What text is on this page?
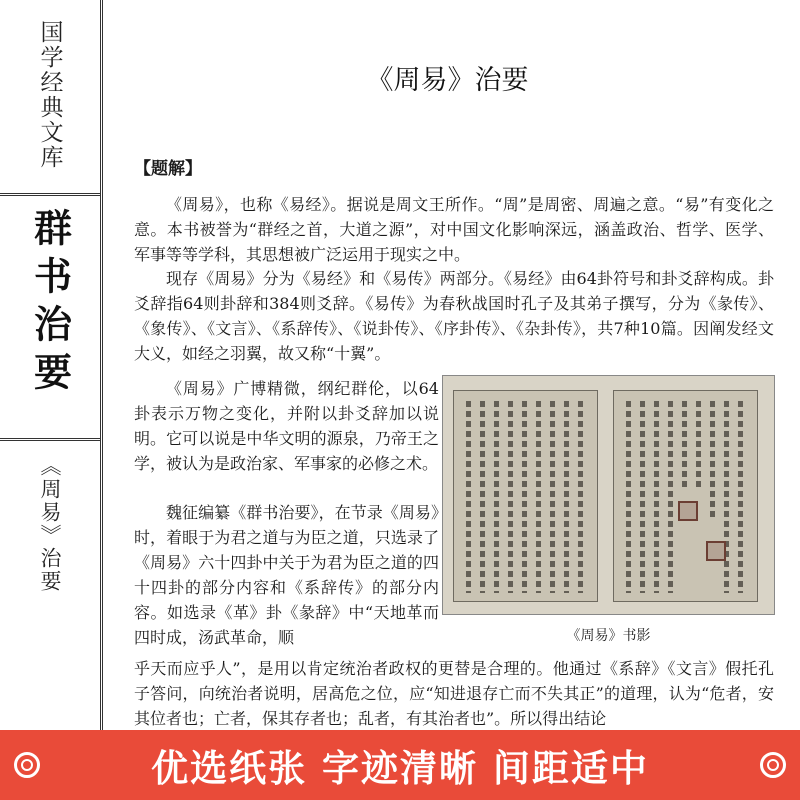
国学经典文库
群书治要
《周易》治要
《周易》治要
【题解】

《周易》，也称《易经》。据说是周文王所作。“周”是周密、周遍之意。“易”有变化之意。本书被誉为“群经之首，大道之源”，对中国文化影响深远，涵盖政治、哲学、医学、军事等等学科，其思想被广泛运用于现实之中。

现存《周易》分为《易经》和《易传》两部分。《易经》由64卦符号和卦爻辞构成。卦爻辞指64则卦辞和384则爻辞。《易传》为春秋战国时孔子及其弟子撰写，分为《彖传》、《象传》、《文言》、《系辞传》、《说卦传》、《序卦传》、《杂卦传》，共7种10篇。因阐发经文大义，如经之羽翼，故又称“十翼”。

《周易》广博精微，纲纪群伦，以64卦表示万物之变化，并附以卦爻辞加以说明。它可以说是中华文明的源泉，乃帝王之学，被认为是政治家、军事家的必修之术。

魏征编纂《群书治要》，在节录《周易》时，着眼于为君之道与为臣之道，只选录了《周易》六十四卦中关于为君为臣之道的四十四卦的部分内容和《系辞传》的部分内容。如选录《革》卦《彖辞》中“天地革而四时成，汤武革命，顺

乎天而应乎人”，是用以肯定统治者政权的更替是合理的。他通过《系辞》《文言》假托孔子答问，向统治者说明，居高危之位，应“知进退存亡而不失其正”的道理，认为“危者，安其位者也；亡者，保其存者也；乱者，有其治者也”。所以得出结论

《周易》书影
优选纸张 字迹清晰 间距适中
